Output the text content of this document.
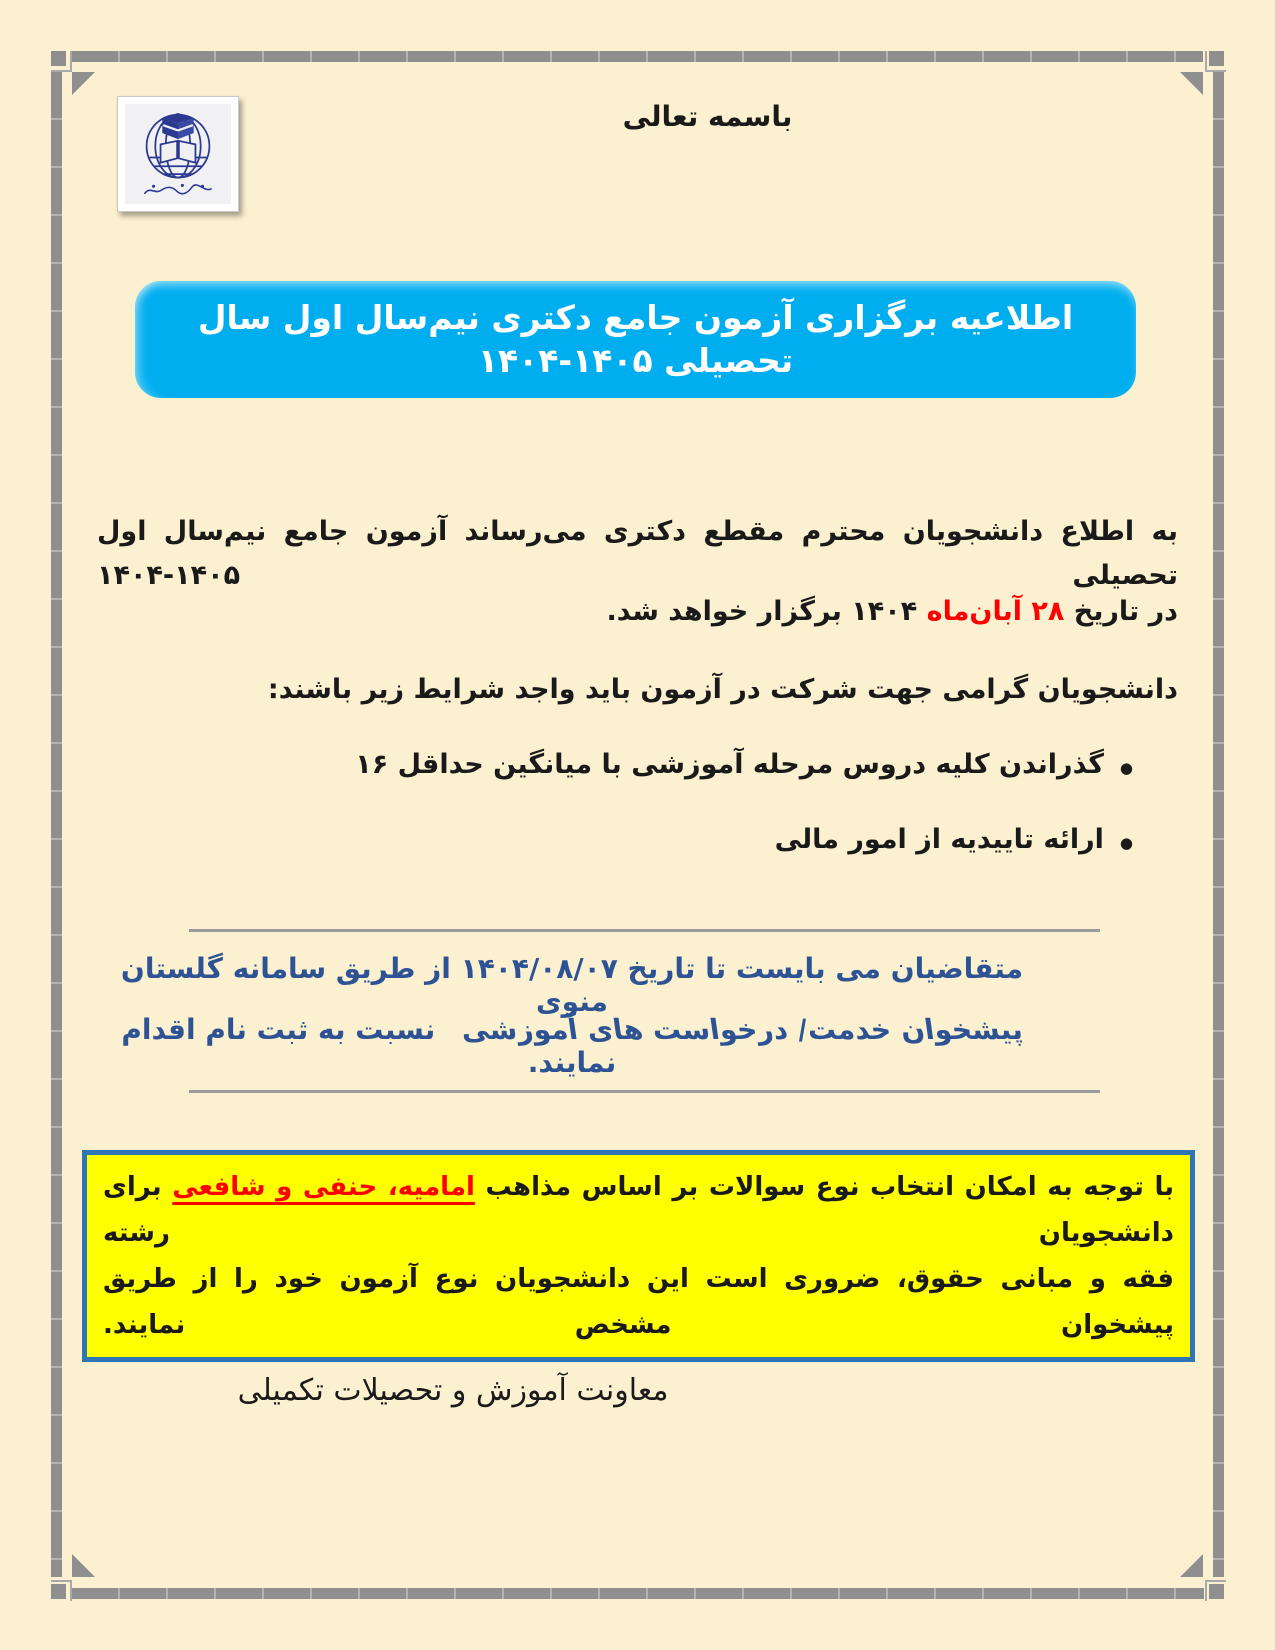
باسمه تعالی
اطلاعیه برگزاری آزمون جامع دکتری نیم‌سال اول سال تحصیلی ۱۴۰۵-۱۴۰۴
به اطلاع دانشجویان محترم مقطع دکتری می‌رساند آزمون جامع نیم‌سال اول تحصیلی ۱۴۰۵-۱۴۰۴
در تاریخ ۲۸ آبان‌ماه ۱۴۰۴ برگزار خواهد شد.
دانشجویان گرامی جهت شرکت در آزمون باید واجد شرایط زیر باشند:
●
گذراندن کلیه دروس مرحله آموزشی با میانگین حداقل ۱۶
●
ارائه تاییدیه از امور مالی
متقاضیان می بایست تا تاریخ ۱۴۰۴/۰۸/۰۷ از طریق سامانه گلستان منوی
پیشخوان خدمت/ درخواست های آموزشینسبت به ثبت نام اقدام نمایند.
با توجه به امکان انتخاب نوع سوالات بر اساس مذاهب امامیه، حنفی و شافعی برای دانشجویان رشته
فقه و مبانی حقوق، ضروری است این دانشجویان نوع آزمون خود را از طریق پیشخوان مشخص نمایند.
معاونت آموزش و تحصیلات تکمیلی
